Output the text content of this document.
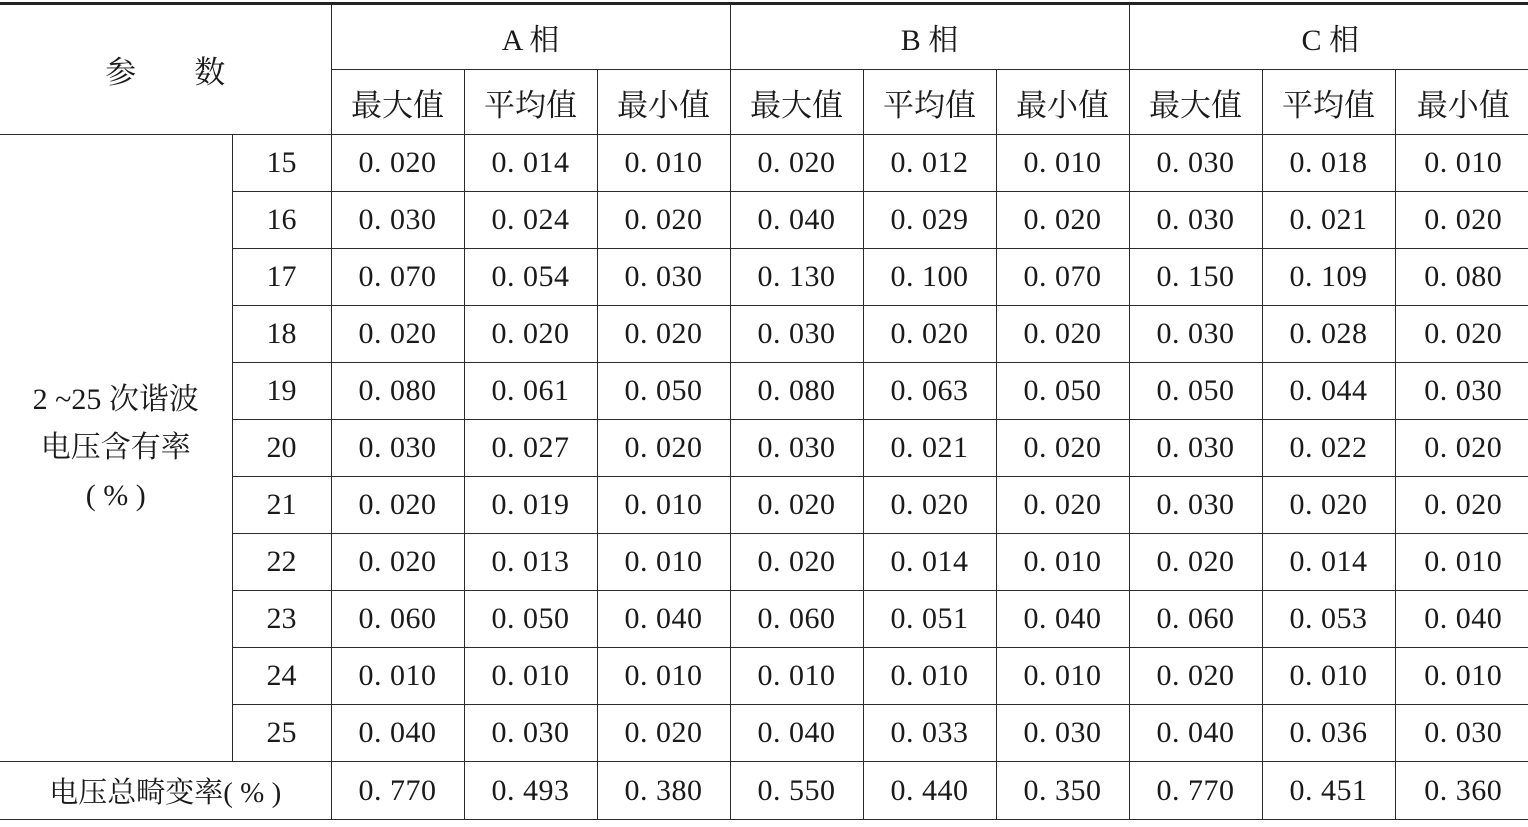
参 数		A 相			B 相			C 相		
		最大值	平均值	最小值	最大值	平均值	最小值	最大值	平均值	最小值

2 ~25 次谐波
电压含有率
( % )	15	0. 020	0. 014	0. 010	0. 020	0. 012	0. 010	0. 030	0. 018	0. 010
	16	0. 030	0. 024	0. 020	0. 040	0. 029	0. 020	0. 030	0. 021	0. 020
	17	0. 070	0. 054	0. 030	0. 130	0. 100	0. 070	0. 150	0. 109	0. 080
	18	0. 020	0. 020	0. 020	0. 030	0. 020	0. 020	0. 030	0. 028	0. 020
	19	0. 080	0. 061	0. 050	0. 080	0. 063	0. 050	0. 050	0. 044	0. 030
	20	0. 030	0. 027	0. 020	0. 030	0. 021	0. 020	0. 030	0. 022	0. 020
	21	0. 020	0. 019	0. 010	0. 020	0. 020	0. 020	0. 030	0. 020	0. 020
	22	0. 020	0. 013	0. 010	0. 020	0. 014	0. 010	0. 020	0. 014	0. 010
	23	0. 060	0. 050	0. 040	0. 060	0. 051	0. 040	0. 060	0. 053	0. 040
	24	0. 010	0. 010	0. 010	0. 010	0. 010	0. 010	0. 020	0. 010	0. 010
	25	0. 040	0. 030	0. 020	0. 040	0. 033	0. 030	0. 040	0. 036	0. 030
电压总畸变率( % )		0. 770	0. 493	0. 380	0. 550	0. 440	0. 350	0. 770	0. 451	0. 360
